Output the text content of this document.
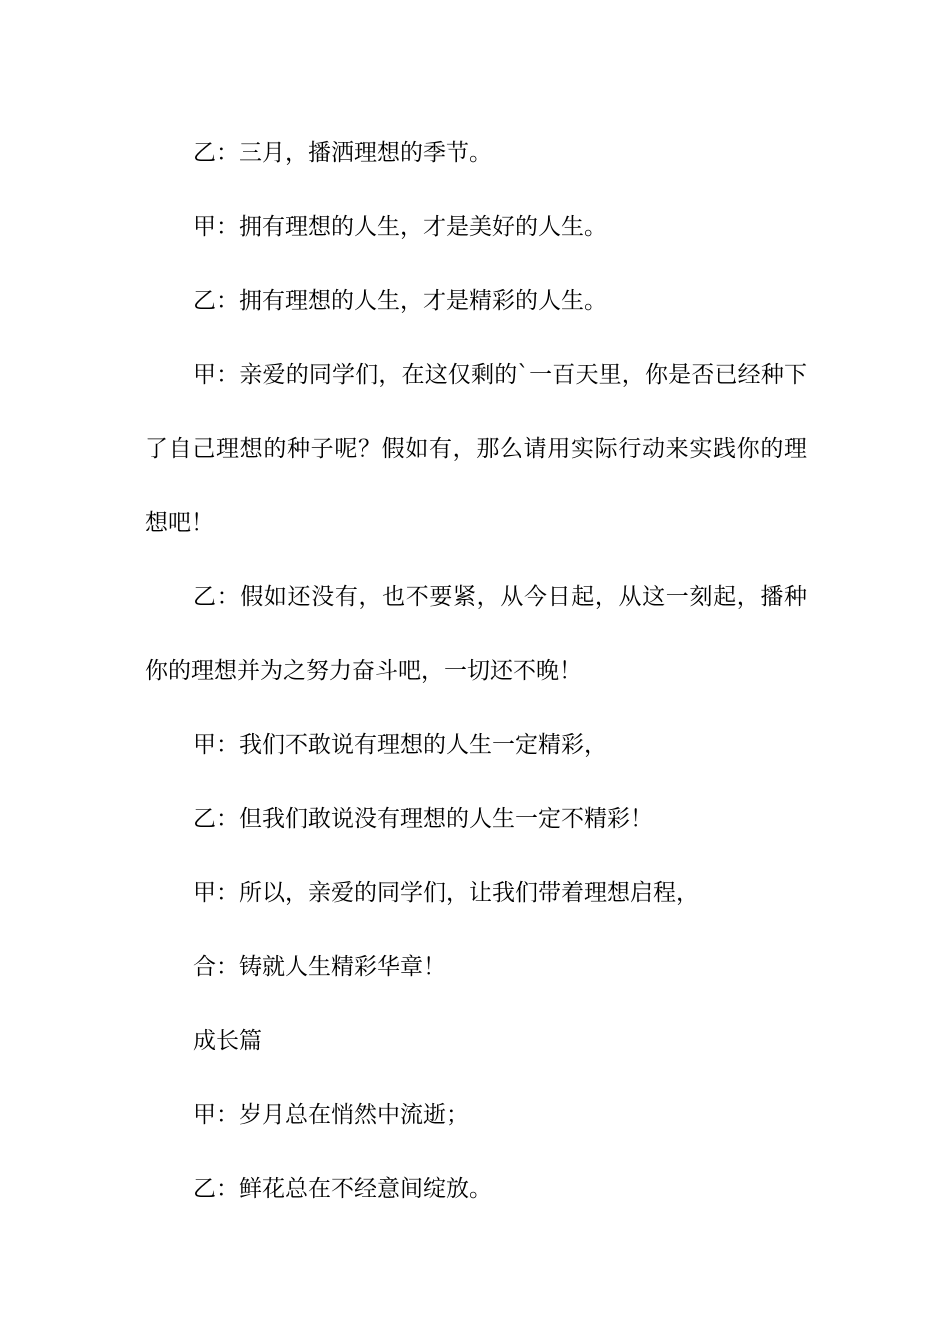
乙：三月，播洒理想的季节。

甲：拥有理想的人生，才是美好的人生。

乙：拥有理想的人生，才是精彩的人生。

甲：亲爱的同学们，在这仅剩的`一百天里，你是否已经种下了自己理想的种子呢？假如有，那么请用实际行动来实践你的理想吧！

乙：假如还没有，也不要紧，从今日起，从这一刻起，播种你的理想并为之努力奋斗吧，一切还不晚！

甲：我们不敢说有理想的人生一定精彩，

乙：但我们敢说没有理想的人生一定不精彩！

甲：所以，亲爱的同学们，让我们带着理想启程，

合：铸就人生精彩华章！

成长篇

甲：岁月总在悄然中流逝；

乙：鲜花总在不经意间绽放。
